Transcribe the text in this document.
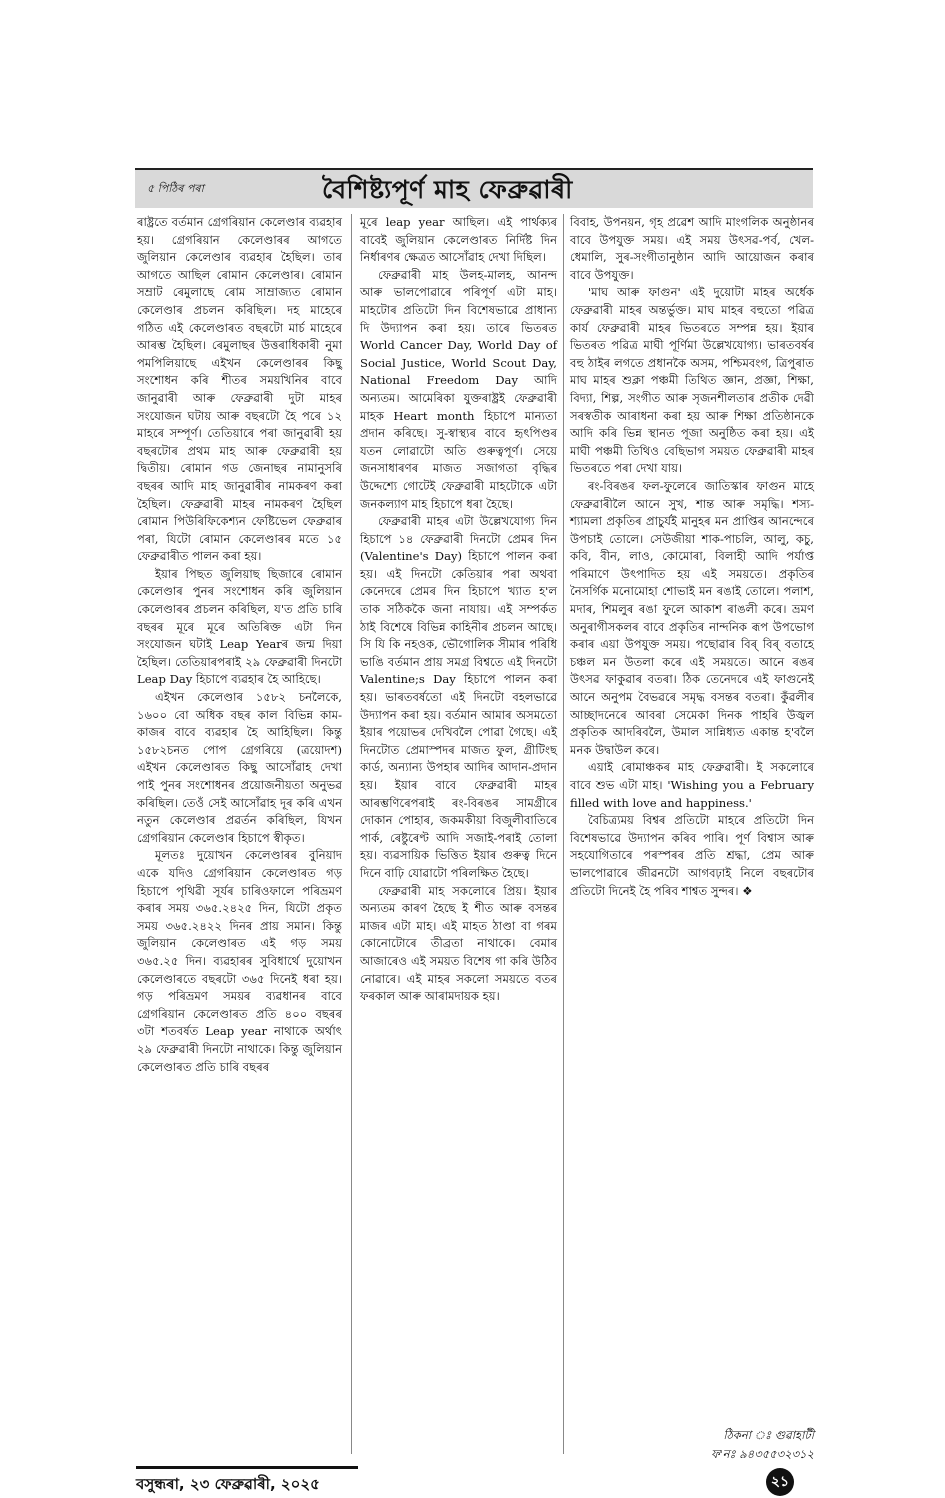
৫ পিঠিৰ পৰা	বৈশিষ্ট্যপূৰ্ণ মাহ ফেব্ৰুৱাৰী

ৰাষ্ট্ৰতে বৰ্তমান গ্ৰেগৰিয়ান কেলেণ্ডাৰ ব্যৱহাৰ হয়। গ্ৰেগৰিয়ান কেলেণ্ডাৰৰ আগতে জুলিয়ান কেলেণ্ডাৰ ব্যৱহাৰ হৈছিল। তাৰ আগতে আছিল ৰোমান কেলেণ্ডাৰ। ৰোমান সম্ৰাট ৰেমুলাছে ৰোম সাম্ৰাজ্যত ৰোমান কেলেণ্ডাৰ প্ৰচলন কৰিছিল। দহ মাহেৰে গঠিত এই কেলেণ্ডাৰত বছৰটো মাৰ্চ মাহেৰে আৰম্ভ হৈছিল। ৰেমুলাছৰ উত্তৰাধিকাৰী নুমা পমপিলিয়াছে এইখন কেলেণ্ডাৰৰ কিছু সংশোধন কৰি শীতৰ সময়খিনিৰ বাবে জানুৱাৰী আৰু ফেব্ৰুৱাৰী দুটা মাহৰ সংযোজন ঘটায় আৰু বছৰটো হৈ পৰে ১২ মাহৰে সম্পূৰ্ণ। তেতিয়াৰে পৰা জানুৱাৰী হয় বছৰটোৰ প্ৰথম মাহ আৰু ফেব্ৰুৱাৰী হয় দ্বিতীয়। ৰোমান গড জেনাছৰ নামানুসৰি বছৰৰ আদি মাহ জানুৱাৰীৰ নামকৰণ কৰা হৈছিল। ফেব্ৰুৱাৰী মাহৰ নামকৰণ হৈছিল ৰোমান পিউৰিফিকেশ্যন ফেষ্টিভেল ফেব্ৰুৱাৰ পৰা, যিটো ৰোমান কেলেণ্ডাৰৰ মতে ১৫ ফেব্ৰুৱাৰীত পালন কৰা হয়।

ইয়াৰ পিছত জুলিয়াছ ছিজাৰে ৰোমান কেলেণ্ডাৰ পুনৰ সংশোধন কৰি জুলিয়ান কেলেণ্ডাৰৰ প্ৰচলন কৰিছিল, য'ত প্ৰতি চাৰি বছৰৰ মূৰে মূৰে অতিৰিক্ত এটা দিন সংযোজন ঘটাই Leap Yearৰ জন্ম দিয়া হৈছিল। তেতিয়াৰপৰাই ২৯ ফেব্ৰুৱাৰী দিনটো Leap Day হিচাপে ব্যৱহাৰ হৈ আহিছে।

এইখন কেলেণ্ডাৰ ১৫৮২ চনলৈকে, ১৬০০ বো অধিক বছৰ কাল বিভিন্ন কাম-কাজৰ বাবে ব্যৱহাৰ হৈ আহিছিল। কিন্তু ১৫৮২চনত পোপ গ্ৰেগৰিয়ে (ত্ৰয়োদশ) এইখন কেলেণ্ডাৰত কিছু আসোঁৱাহ দেখা পাই পুনৰ সংশোধনৰ প্ৰয়োজনীয়তা অনুভৱ কৰিছিল। তেওঁ সেই আসোঁৱাহ দূৰ কৰি এখন নতুন কেলেণ্ডাৰ প্ৰৱৰ্তন কৰিছিল, যিখন গ্ৰেগৰিয়ান কেলেণ্ডাৰ হিচাপে স্বীকৃত।

মূলতঃ দুয়োখন কেলেণ্ডাৰৰ বুনিয়াদ একে যদিও গ্ৰেগৰিয়ান কেলেণ্ডাৰত গড় হিচাপে পৃথিৱী সূৰ্যৰ চাৰিওফালে পৰিভ্ৰমণ কৰাৰ সময় ৩৬৫.২৪২৫ দিন, যিটো প্ৰকৃত সময় ৩৬৫.২৪২২ দিনৰ প্ৰায় সমান। কিন্তু জুলিয়ান কেলেণ্ডাৰত এই গড় সময় ৩৬৫.২৫ দিন। ব্যৱহাৰৰ সুবিধাৰ্থে দুয়োখন কেলেণ্ডাৰতে বছৰটো ৩৬৫ দিনেই ধৰা হয়। গড় পৰিভ্ৰমণ সময়ৰ ব্যৱধানৰ বাবে গ্ৰেগৰিয়ান কেলেণ্ডাৰত প্ৰতি ৪০০ বছৰৰ ৩টা শতবৰ্ষত Leap year নাথাকে অৰ্থাৎ ২৯ ফেব্ৰুৱাৰী দিনটো নাথাকে। কিন্তু জুলিয়ান কেলেণ্ডাৰত প্ৰতি চাৰি বছৰৰ

মূৰে leap year আছিল। এই পাৰ্থক্যৰ বাবেই জুলিয়ান কেলেণ্ডাৰত নিৰ্দিষ্ট দিন নিৰ্ধাৰণৰ ক্ষেত্ৰত আসোঁৱাহ দেখা দিছিল।

ফেব্ৰুৱাৰী মাহ উলহ-মালহ, আনন্দ আৰু ভালপোৱাৰে পৰিপূৰ্ণ এটা মাহ। মাহটোৰ প্ৰতিটো দিন বিশেষভাৱে প্ৰাধান্য দি উদ্যাপন কৰা হয়। তাৰে ভিতৰত World Cancer Day, World Day of Social Justice, World Scout Day, National Freedom Day আদি অন্যতম। আমেৰিকা যুক্তৰাষ্ট্ৰই ফেব্ৰুৱাৰী মাহক Heart month হিচাপে মান্যতা প্ৰদান কৰিছে। সু-স্বাস্থ্যৰ বাবে হৃৎপিণ্ডৰ যতন লোৱাটো অতি গুৰুত্বপূৰ্ণ। সেয়ে জনসাধাৰণৰ মাজত সজাগতা বৃদ্ধিৰ উদ্দেশ্যে গোটেই ফেব্ৰুৱাৰী মাহটোকে এটা জনকল্যাণ মাহ হিচাপে ধৰা হৈছে।

ফেব্ৰুৱাৰী মাহৰ এটা উল্লেখযোগ্য দিন হিচাপে ১৪ ফেব্ৰুৱাৰী দিনটো প্ৰেমৰ দিন (Valentine's Day) হিচাপে পালন কৰা হয়। এই দিনটো কেতিয়াৰ পৰা অথবা কেনেদৰে প্ৰেমৰ দিন হিচাপে খ্যাত হ'ল তাক সঠিককৈ জনা নাযায়। এই সম্পৰ্কত ঠাই বিশেষে বিভিন্ন কাহিনীৰ প্ৰচলন আছে। সি যি কি নহওক, ভৌগোলিক সীমাৰ পৰিধি ভাঙি বৰ্তমান প্ৰায় সমগ্ৰ বিশ্বতে এই দিনটো Valentine;s Day হিচাপে পালন কৰা হয়। ভাৰতবৰ্ষতো এই দিনটো বহলভাৱে উদ্যাপন কৰা হয়। বৰ্তমান আমাৰ অসমতো ইয়াৰ পয়োভৰ দেখিবলৈ পোৱা গৈছে। এই দিনটোত প্ৰেমাস্পদৰ মাজত ফুল, গ্ৰীটিংছ কাৰ্ড, অন্যান্য উপহাৰ আদিৰ আদান-প্ৰদান হয়। ইয়াৰ বাবে ফেব্ৰুৱাৰী মাহৰ আৰম্ভণিৰেপৰাই ৰং-বিৰঙৰ সামগ্ৰীৰে দোকান পোহাৰ, জকমকীয়া বিজুলীবাতিৰে পাৰ্ক, ৰেষ্টুৰেণ্ট আদি সজাই-পৰাই তোলা হয়। ব্যৱসায়িক ভিত্তিত ইয়াৰ গুৰুত্ব দিনে দিনে বাঢ়ি যোৱাটো পৰিলক্ষিত হৈছে।

ফেব্ৰুৱাৰী মাহ সকলোৰে প্ৰিয়। ইয়াৰ অন্যতম কাৰণ হৈছে ই শীত আৰু বসন্তৰ মাজৰ এটা মাহ। এই মাহত ঠাণ্ডা বা গৰম কোনোটোৰে তীব্ৰতা নাথাকে। বেমাৰ আজাৰেও এই সময়ত বিশেষ গা কৰি উঠিব নোৱাৰে। এই মাহৰ সকলো সময়তে বতৰ ফৰকাল আৰু আৰামদায়ক হয়।

বিবাহ, উপনয়ন, গৃহ প্ৰৱেশ আদি মাংগলিক অনুষ্ঠানৰ বাবে উপযুক্ত সময়। এই সময় উৎসৱ-পৰ্ব, খেল-ধেমালি, সুৰ-সংগীতানুষ্ঠান আদি আয়োজন কৰাৰ বাবে উপযুক্ত।

'মাঘ আৰু ফাগুন' এই দুয়োটা মাহৰ অৰ্ধেক ফেব্ৰুৱাৰী মাহৰ অন্তৰ্ভুক্ত। মাঘ মাহৰ বহুতো পৱিত্ৰ কাৰ্য ফেব্ৰুৱাৰী মাহৰ ভিতৰতে সম্পন্ন হয়। ইয়াৰ ভিতৰত পৱিত্ৰ মাঘী পূৰ্ণিমা উল্লেখযোগ্য। ভাৰতবৰ্ষৰ বহু ঠাইৰ লগতে প্ৰধানকৈ অসম, পশ্চিমবংগ, ত্ৰিপুৰাত মাঘ মাহৰ শুক্লা পঞ্চমী তিথিত জ্ঞান, প্ৰজ্ঞা, শিক্ষা, বিদ্যা, শিল্প, সংগীত আৰু সৃজনশীলতাৰ প্ৰতীক দেৱী সৰস্বতীক আৰাধনা কৰা হয় আৰু শিক্ষা প্ৰতিষ্ঠানকে আদি কৰি ভিন্ন স্থানত পূজা অনুষ্ঠিত কৰা হয়। এই মাঘী পঞ্চমী তিথিও বেছিভাগ সময়ত ফেব্ৰুৱাৰী মাহৰ ভিতৰতে পৰা দেখা যায়।

ৰং-বিৰঙৰ ফল-ফুলেৰে জাতিস্কাৰ ফাগুন মাহে ফেব্ৰুৱাৰীলৈ আনে সুখ, শান্ত আৰু সমৃদ্ধি। শস্য- শ্যামলা প্ৰকৃতিৰ প্ৰাচুৰ্যই মানুহৰ মন প্ৰাপ্তিৰ আনন্দেৰে উপচাই তোলে। সেউজীয়া শাক-পাচলি, আলু, কচু, কবি, বীন, লাও, কোমোৰা, বিলাহী আদি পৰ্যাপ্ত পৰিমাণে উৎপাদিত হয় এই সময়তে। প্ৰকৃতিৰ নৈসৰ্গিক মনোমোহা শোভাই মন ৰঙাই তোলে। পলাশ, মদাৰ, শিমলুৰ ৰঙা ফুলে আকাশ ৰাঙলী কৰে। ভ্ৰমণ অনুৰাগীসকলৰ বাবে প্ৰকৃতিৰ নান্দনিক ৰূপ উপভোগ কৰাৰ এয়া উপযুক্ত সময়। পছোৱাৰ বিৰ্ বিৰ্ বতাহে চঞ্চল মন উতলা কৰে এই সময়তে। আনে ৰঙৰ উৎসৱ ফাকুৱাৰ বতৰা। ঠিক তেনেদৰে এই ফাগুনেই আনে অনুপম বৈভৱৰে সমৃদ্ধ বসন্তৰ বতৰা। কুঁৱলীৰ আচ্ছাদনেৰে আবৰা সেমেকা দিনক পাহৰি উজ্বল প্ৰকৃতিক আদৰিবলৈ, উমাল সান্নিধ্যত একান্ত হ'বলৈ মনক উদ্বাউল কৰে।

এয়াই ৰোমাঞ্চকৰ মাহ ফেব্ৰুৱাৰী। ই সকলোৰে বাবে শুভ এটা মাহ। 'Wishing you a February filled with love and happiness.'

বৈচিত্ৰ্যময় বিশ্বৰ প্ৰতিটো মাহৰে প্ৰতিটো দিন বিশেষভাৱে উদ্যাপন কৰিব পাৰি। পূৰ্ণ বিশ্বাস আৰু সহযোগিতাৰে পৰস্পৰৰ প্ৰতি শ্ৰদ্ধা, প্ৰেম আৰু ভালপোৱাৰে জীৱনটো আগবঢ়াই নিলে বছৰটোৰ প্ৰতিটো দিনেই হৈ পৰিব শাশ্বত সুন্দৰ। ❖

ঠিকনা ঃ গুৱাহাটী
ফ'নঃ ৯৪৩৫৫৩২৩১২
বসুন্ধৰা, ২৩ ফেব্ৰুৱাৰী, ২০২৫	২১
